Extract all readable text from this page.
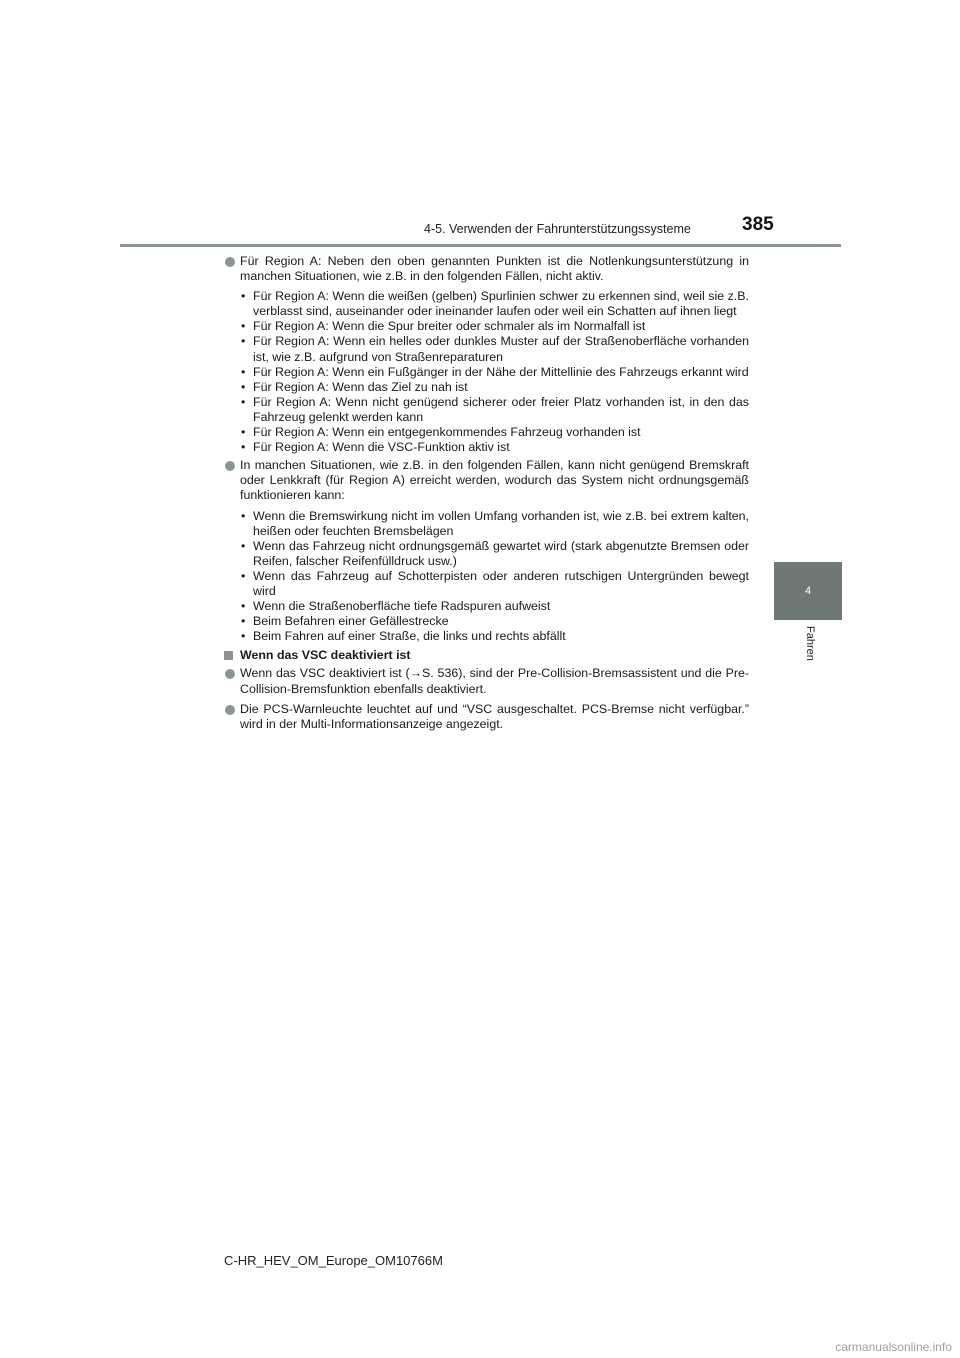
4-5. Verwenden der Fahrunterstützungssysteme	385
4
Fahren
Für Region A: Neben den oben genannten Punkten ist die Notlenkungsunterstützung in manchen Situationen, wie z.B. in den folgenden Fällen, nicht aktiv.
• Für Region A: Wenn die weißen (gelben) Spurlinien schwer zu erkennen sind, weil sie z.B. verblasst sind, auseinander oder ineinander laufen oder weil ein Schatten auf ihnen liegt
• Für Region A: Wenn die Spur breiter oder schmaler als im Normalfall ist
• Für Region A: Wenn ein helles oder dunkles Muster auf der Straßenoberfläche vorhanden ist, wie z.B. aufgrund von Straßenreparaturen
• Für Region A: Wenn ein Fußgänger in der Nähe der Mittellinie des Fahrzeugs erkannt wird
• Für Region A: Wenn das Ziel zu nah ist
• Für Region A: Wenn nicht genügend sicherer oder freier Platz vorhanden ist, in den das Fahrzeug gelenkt werden kann
• Für Region A: Wenn ein entgegenkommendes Fahrzeug vorhanden ist
• Für Region A: Wenn die VSC-Funktion aktiv ist
In manchen Situationen, wie z.B. in den folgenden Fällen, kann nicht genügend Bremskraft oder Lenkkraft (für Region A) erreicht werden, wodurch das System nicht ordnungsgemäß funktionieren kann:
• Wenn die Bremswirkung nicht im vollen Umfang vorhanden ist, wie z.B. bei extrem kalten, heißen oder feuchten Bremsbelägen
• Wenn das Fahrzeug nicht ordnungsgemäß gewartet wird (stark abgenutzte Bremsen oder Reifen, falscher Reifenfülldruck usw.)
• Wenn das Fahrzeug auf Schotterpisten oder anderen rutschigen Untergründen bewegt wird
• Wenn die Straßenoberfläche tiefe Radspuren aufweist
• Beim Befahren einer Gefällestrecke
• Beim Fahren auf einer Straße, die links und rechts abfällt
Wenn das VSC deaktiviert ist
Wenn das VSC deaktiviert ist (→S. 536), sind der Pre-Collision-Bremsassistent und die Pre-Collision-Bremsfunktion ebenfalls deaktiviert.
Die PCS-Warnleuchte leuchtet auf und “VSC ausgeschaltet. PCS-Bremse nicht verfügbar.” wird in der Multi-Informationsanzeige angezeigt.
C-HR_HEV_OM_Europe_OM10766M
carmanualsonline.info
